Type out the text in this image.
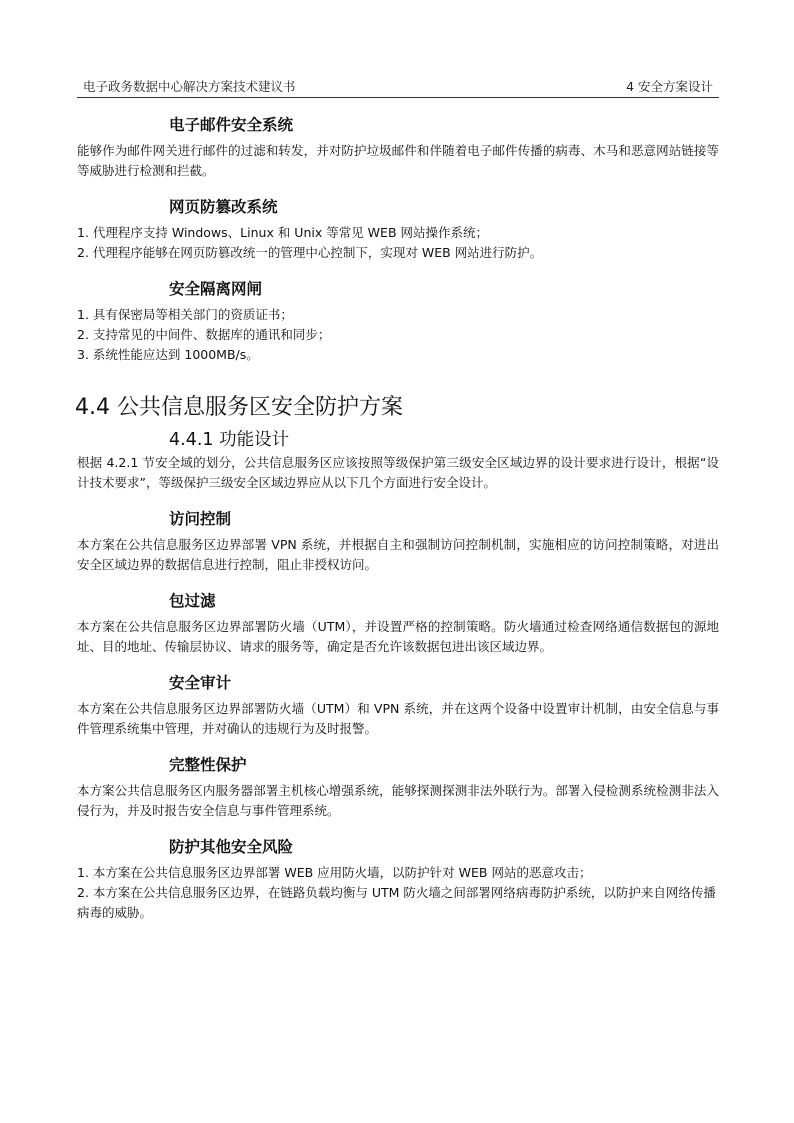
电子政务数据中心解决方案技术建议书	4 安全方案设计
电子邮件安全系统

能够作为邮件网关进行邮件的过滤和转发，并对防护垃圾邮件和伴随着电子邮件传播的病毒、木马和恶意网站链接等等威胁进行检测和拦截。

网页防篡改系统
1. 代理程序支持 Windows、Linux 和 Unix 等常见 WEB 网站操作系统；
2. 代理程序能够在网页防篡改统一的管理中心控制下，实现对 WEB 网站进行防护。
安全隔离网闸
1. 具有保密局等相关部门的资质证书；
2. 支持常见的中间件、数据库的通讯和同步；
3. 系统性能应达到 1000MB/s。
4.4 公共信息服务区安全防护方案
4.4.1 功能设计

根据 4.2.1 节安全域的划分，公共信息服务区应该按照等级保护第三级安全区域边界的设计要求进行设计，根据“设计技术要求”，等级保护三级安全区域边界应从以下几个方面进行安全设计。

访问控制

本方案在公共信息服务区边界部署 VPN 系统，并根据自主和强制访问控制机制，实施相应的访问控制策略，对进出安全区域边界的数据信息进行控制，阻止非授权访问。

包过滤

本方案在公共信息服务区边界部署防火墙（UTM），并设置严格的控制策略。防火墙通过检查网络通信数据包的源地址、目的地址、传输层协议、请求的服务等，确定是否允许该数据包进出该区域边界。

安全审计

本方案在公共信息服务区边界部署防火墙（UTM）和 VPN 系统，并在这两个设备中设置审计机制，由安全信息与事件管理系统集中管理，并对确认的违规行为及时报警。

完整性保护

本方案公共信息服务区内服务器部署主机核心增强系统，能够探测探测非法外联行为。部署入侵检测系统检测非法入侵行为，并及时报告安全信息与事件管理系统。

防护其他安全风险
1. 本方案在公共信息服务区边界部署 WEB 应用防火墙，以防护针对 WEB 网站的恶意攻击；
2. 本方案在公共信息服务区边界，在链路负载均衡与 UTM 防火墙之间部署网络病毒防护系统，以防护来自网络传播病毒的威胁。
